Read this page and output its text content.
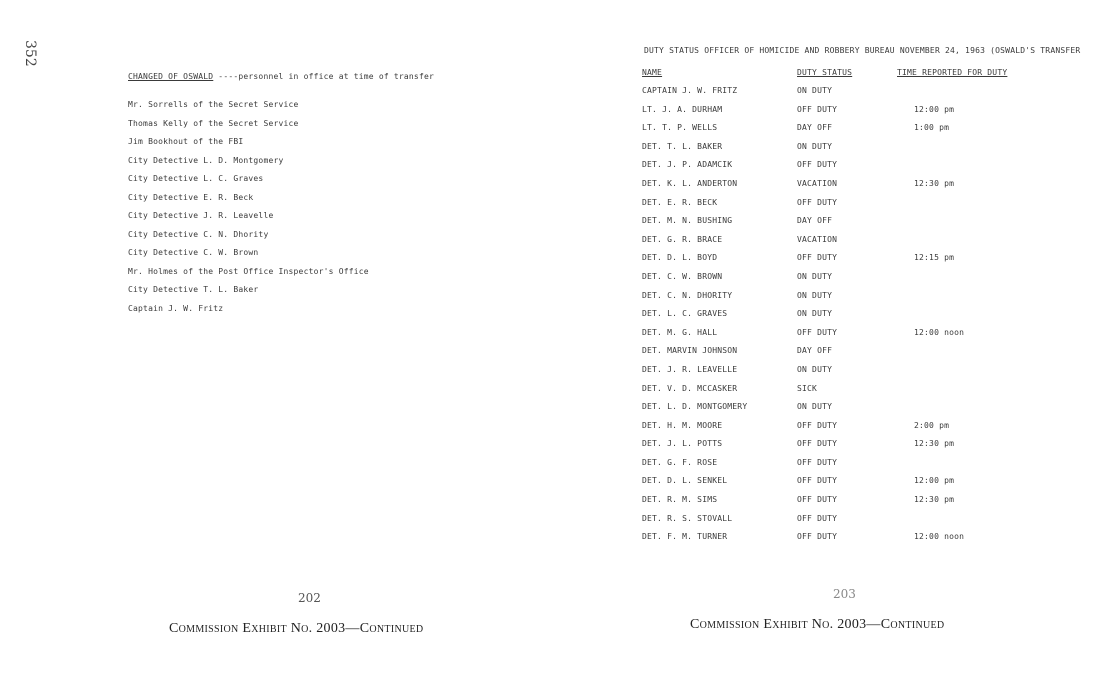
352
CHANGED OF OSWALD ----personnel in office at time of transfer
Mr. Sorrells of the Secret Service
Thomas Kelly of the Secret Service
Jim Bookhout of the FBI
City Detective L. D. Montgomery
City Detective L. C. Graves
City Detective E. R. Beck
City Detective J. R. Leavelle
City Detective C. N. Dhority
City Detective C. W. Brown
Mr. Holmes of the Post Office Inspector's Office
City Detective T. L. Baker
Captain J. W. Fritz
202
Commission Exhibit No. 2003—Continued
DUTY STATUS OFFICER OF HOMICIDE AND ROBBERY BUREAU NOVEMBER 24, 1963 (OSWALD'S TRANSFER
NAME	DUTY STATUS	TIME REPORTED FOR DUTY
CAPTAIN J. W. FRITZ	ON DUTY
LT. J. A. DURHAM	OFF DUTY	12:00 pm
LT. T. P. WELLS	DAY OFF	1:00 pm
DET. T. L. BAKER	ON DUTY
DET. J. P. ADAMCIK	OFF DUTY
DET. K. L. ANDERTON	VACATION	12:30 pm
DET. E. R. BECK	OFF DUTY
DET. M. N. BUSHING	DAY OFF
DET. G. R. BRACE	VACATION
DET. D. L. BOYD	OFF DUTY	12:15 pm
DET. C. W. BROWN	ON DUTY
DET. C. N. DHORITY	ON DUTY
DET. L. C. GRAVES	ON DUTY
DET. M. G. HALL	OFF DUTY	12:00 noon
DET. MARVIN JOHNSON	DAY OFF
DET. J. R. LEAVELLE	ON DUTY
DET. V. D. MCCASKER	SICK
DET. L. D. MONTGOMERY	ON DUTY
DET. H. M. MOORE	OFF DUTY	2:00 pm
DET. J. L. POTTS	OFF DUTY	12:30 pm
DET. G. F. ROSE	OFF DUTY
DET. D. L. SENKEL	OFF DUTY	12:00 pm
DET. R. M. SIMS	OFF DUTY	12:30 pm
DET. R. S. STOVALL	OFF DUTY
DET. F. M. TURNER	OFF DUTY	12:00 noon
203
Commission Exhibit No. 2003—Continued
